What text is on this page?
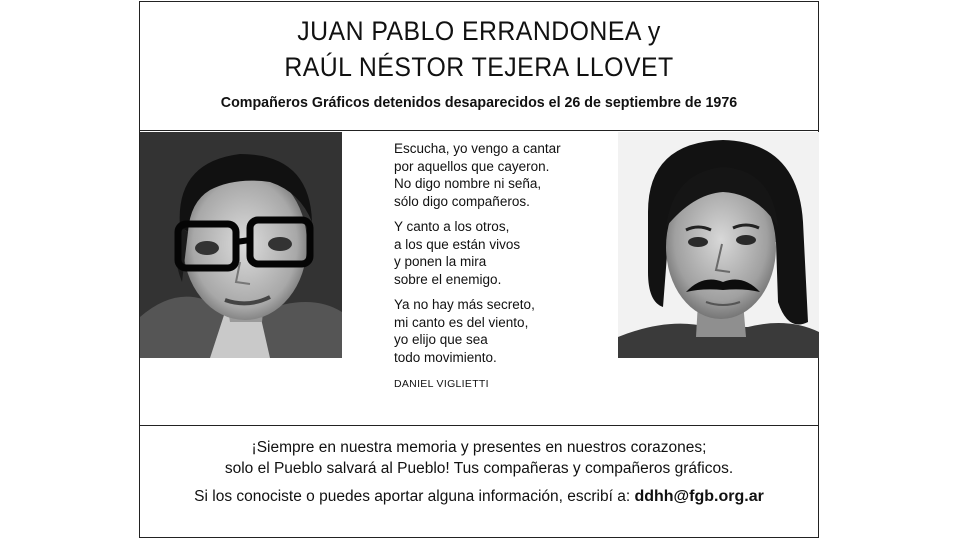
JUAN PABLO ERRANDONEA y
RAÚL NÉSTOR TEJERA LLOVET
Compañeros Gráficos detenidos desaparecidos el 26 de septiembre de 1976
Escucha, yo vengo a cantar
por aquellos que cayeron.
No digo nombre ni seña,
sólo digo compañeros.
Y canto a los otros,
a los que están vivos
y ponen la mira
sobre el enemigo.
Ya no hay más secreto,
mi canto es del viento,
yo elijo que sea
todo movimiento.
DANIEL VIGLIETTI
¡Siempre en nuestra memoria y presentes en nuestros corazones;
solo el Pueblo salvará al Pueblo! Tus compañeras y compañeros gráficos.
Si los conociste o puedes aportar alguna información, escribí a: ddhh@fgb.org.ar
